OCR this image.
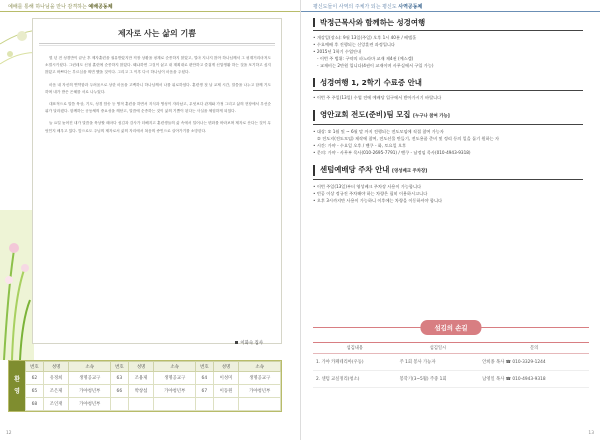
예배를 통해 하나님을 만나 감격하는 예배공동체
제자로 사는 삶의 기쁨

몇 년 전 성경반이 끝난 후 제자훈련을 권유받았지만 직장 상황을 핑계로 순종하지 않았고, 얼마 지나지 않아 하나님께서 그 핑계거리마저도 소멸시키셨다. 그런데도 신청 훈련에 순종하지 않았다. 왜냐하면 그것이 싫고 내 계획대로 편안하고 즐겁게 신앙생활 하는 것을 포기하고 싶지 않았고 바쁘다는 부르심을 외면 했을 것이다. 그리고 그 이후 다시 하나님이 마음을 주셨다.

마음 내 자신의 연약함과 두려움으로 상한 마음을 고백하니 하나님께서 나를 위로하셨다. 훈련생 첫 날 교제 시간, 말씀을 나누고 함께 기도하며 내가 받은 은혜를 서로 나누었다.

대표적으로 말씀 묵상, 기도, 성경 암송 등 영적 훈련을 하면서 지식과 영성이 자라났고, 무엇보다 관계와 가정 그리고 삶의 현장에서 우선순위가 달라졌다. 함께하는 공동체의 중요성을 깨닫고, 말씀에 순종하는 것이 삶의 기쁨이 된다는 사실을 체험하게 되었다.

늘 요일 늦어진 내가 말씀을 묵상할 때마다 섬김과 감사가 더해지고 훈련생들의 삶 속에서 일어나는 변화를 바라보며 제자로 산다는 것이 무엇인지 배우고 있다. 앞으로도 주님의 제자로서 삶의 자리에서 복음의 증인으로 살아가기를 소망한다.

이화숙 집사
환
영
번호	성명	소속	번호	성명	소속	번호	성명	소속
62	유정희	생명공교구	63	조용제	생명공교구	64	이성미	생명공교구
65	조은제	가야청년부	66	박창섭	가야청년부	67	이동원	가야청년부
68	조인재	가야청년부						
12
평신도들이 사역의 주체가 되는 평신도 사역공동체
박정근목사와 함께하는 성경여행
• 개강일(장소): 9월 13일(주일) 오후 1시 40분 / 베델홀
• 수요예배 후 진행되는 신앙훈련 과정입니다
• 2015년 1학기 수업안내
- 이번 주 범위: 구약의 파노라마 교재 제4권 (예스겔)
- 교재비는 2만원 입니다(4권이 교재이며 사무실에서 구입 가능)
성경여행 1, 2학기 수료증 안내
• 이번 주 주일(13일) 수업 전에 예배당 입구에서 받아가시기 바랍니다
영안교회 전도(준비)팀 모집 [누구나 참여 가능]
• 대상: ① 1월 및 ~ 6월 말 까지 전행되는 전도모임에 직접 참여 가능자
② 전도지(전도모임) 제작에 참여, 전도선물 만들기, 전도용품 준비 및 정리 등의 일을 돕기 원하는 자
• 시간: 가야 - 수요일 오후 / 밴쿠 - 화, 토요일 오후
• 문의: 가야 - 사무부 목사(010-2695-7791) / 밴쿠 - 남정임 목사(010-4943-9318)
센텀예배당 주차 안내 [영성베크 주차장]
• 이번 주일(13일)부터 영성베크 주차장 사용이 가능합니다
• 빈공 이상 정규진 주차해야 하는 차량은 필히 이용하시고니다
• 오후 3시까지만 사용이 가능하니 이후에는 차량을 이동하셔야 합니다
섬김의 손길
섬김내용	섬김일시	문의
1. 가야 카페테리아(우동)	주 1회 봉사 가능자	안희종 목사 ☎ 010-3329-1244
2. 센텀 교실정리(청소)	봉학기(3~5월) 주중 1회	남영일 목사 ☎ 010-4943-9318
13
